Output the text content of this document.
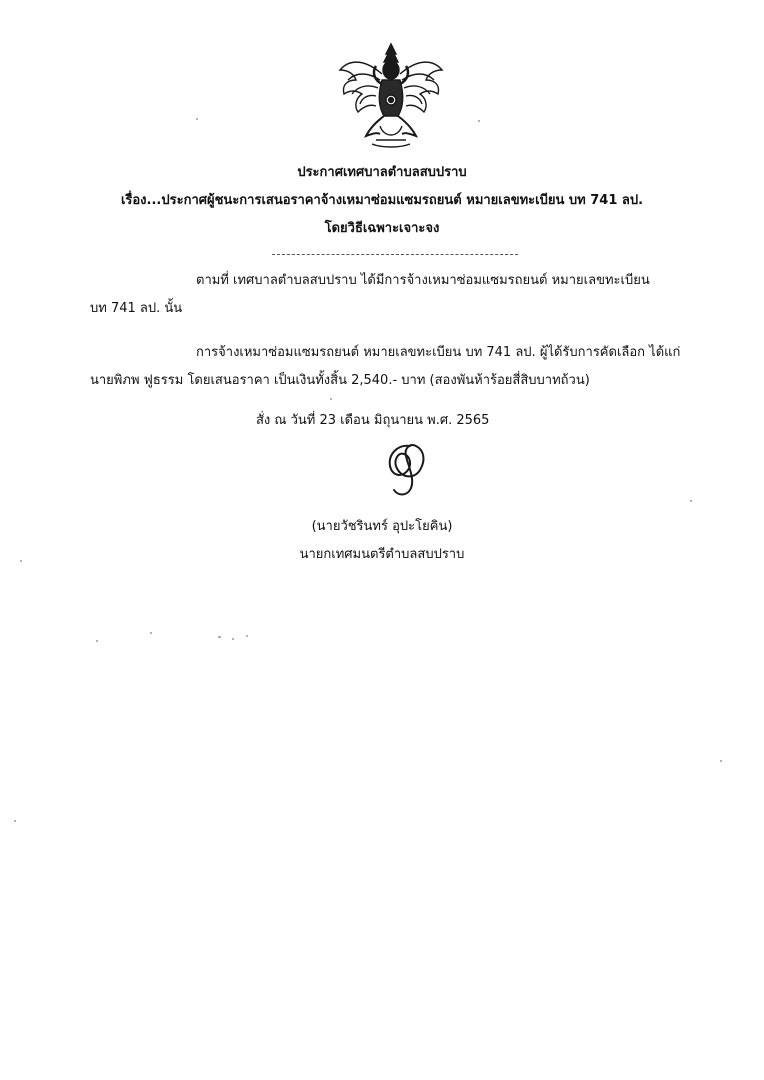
ประกาศเทศบาลตำบลสบปราบ
เรื่อง...ประกาศผู้ชนะการเสนอราคาจ้างเหมาซ่อมแซมรถยนต์ หมายเลขทะเบียน บท 741 ลป.
โดยวิธีเฉพาะเจาะจง
ตามที่ เทศบาลตำบลสบปราบ ได้มีการจ้างเหมาซ่อมแซมรถยนต์ หมายเลขทะเบียน
บท 741 ลป. นั้น
การจ้างเหมาซ่อมแซมรถยนต์ หมายเลขทะเบียน บท 741 ลป. ผู้ได้รับการคัดเลือก ได้แก่
นายพิภพ ฟูธรรม โดยเสนอราคา เป็นเงินทั้งสิ้น 2,540.- บาท (สองพันห้าร้อยสี่สิบบาทถ้วน)
สั่ง ณ วันที่ 23 เดือน มิถุนายน พ.ศ. 2565
(นายวัชรินทร์ อุปะโยคิน)
นายกเทศมนตรีตำบลสบปราบ
